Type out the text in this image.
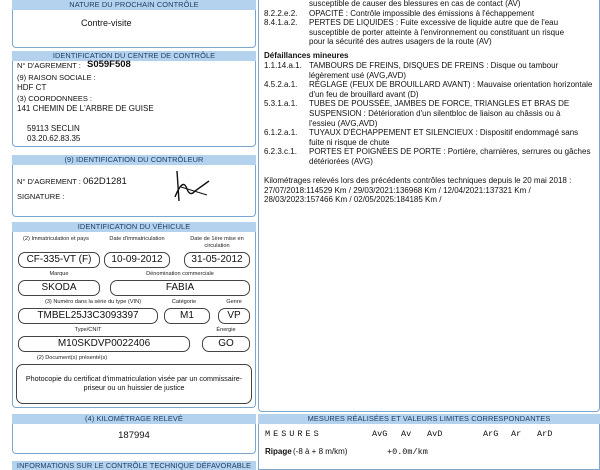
NATURE DU PROCHAIN CONTRÔLE
Contre-visite
IDENTIFICATION DU CENTRE DE CONTRÔLE
N° D'AGREMENT : S059F508
(9) RAISON SOCIALE :
HDF CT
(3) COORDONNEES :
141 CHEMIN DE L'ARBRE DE GUISE
59113 SECLIN
03.20.62.83.35
(9) IDENTIFICATION DU CONTRÔLEUR
N° D'AGREMENT : 062D1281
SIGNATURE :
IDENTIFICATION DU VÉHICULE
(2) Immatriculation et pays	Date d'immatriculation	Date de 1ère mise en circulation
CF-335-VT (F)	10-09-2012	31-05-2012
Marque	Dénomination commerciale
SKODA	FABIA
(3) Numéro dans la série du type (VIN)	Catégorie	Genre
TMBEL25J3C3093397	M1	VP
Type/CNIT	Énergie
M10SKDVP0022406	GO
(2) Document(s) présenté(s)
Photocopie du certificat d'immatriculation visée par un commissaire-priseur ou un huissier de justice
(4) KILOMÉTRAGE RELEVÉ
187994
INFORMATIONS SUR LE CONTRÔLE TECHNIQUE DÉFAVORABLE
susceptible de causer des blessures en cas de contact (AV)
8.2.2.e.2. OPACITÉ : Contrôle impossible des émissions à l'échappement
8.4.1.a.2. PERTES DE LIQUIDES : Fuite excessive de liquide autre que de l'eau
susceptible de porter atteinte à l'environnement ou constituant un risque
pour la sécurité des autres usagers de la route (AV)
Défaillances mineures
1.1.14.a.1. TAMBOURS DE FREINS, DISQUES DE FREINS : Disque ou tambour
légèrement usé (AVG,AVD)
4.5.2.a.1. RÉGLAGE (FEUX DE BROUILLARD AVANT) : Mauvaise orientation horizontale
d'un feu de brouillard avant (D)
5.3.1.a.1. TUBES DE POUSSÉE, JAMBES DE FORCE, TRIANGLES ET BRAS DE
SUSPENSION : Détérioration d'un silentbloc de liaison au châssis ou à
l'essieu (AVG,AVD)
6.1.2.a.1. TUYAUX D'ÉCHAPPEMENT ET SILENCIEUX : Dispositif endommagé sans
fuite ni risque de chute
6.2.3.c.1. PORTES ET POIGNÉES DE PORTE : Portière, charnières, serrures ou gâches
détériorées (AVG)
Kilométrages relevés lors des précédents contrôles techniques depuis le 20 mai 2018 :
27/07/2018:114529 Km / 29/03/2021:136968 Km / 12/04/2021:137321 Km /
28/03/2023:157466 Km / 02/05/2025:184185 Km /
MESURES RÉALISÉES ET VALEURS LIMITES CORRESPONDANTES
MESURES	AvG Av AvD	ArG Ar ArD
Ripage (-8 à + 8 m/km)	+0.0m/km
